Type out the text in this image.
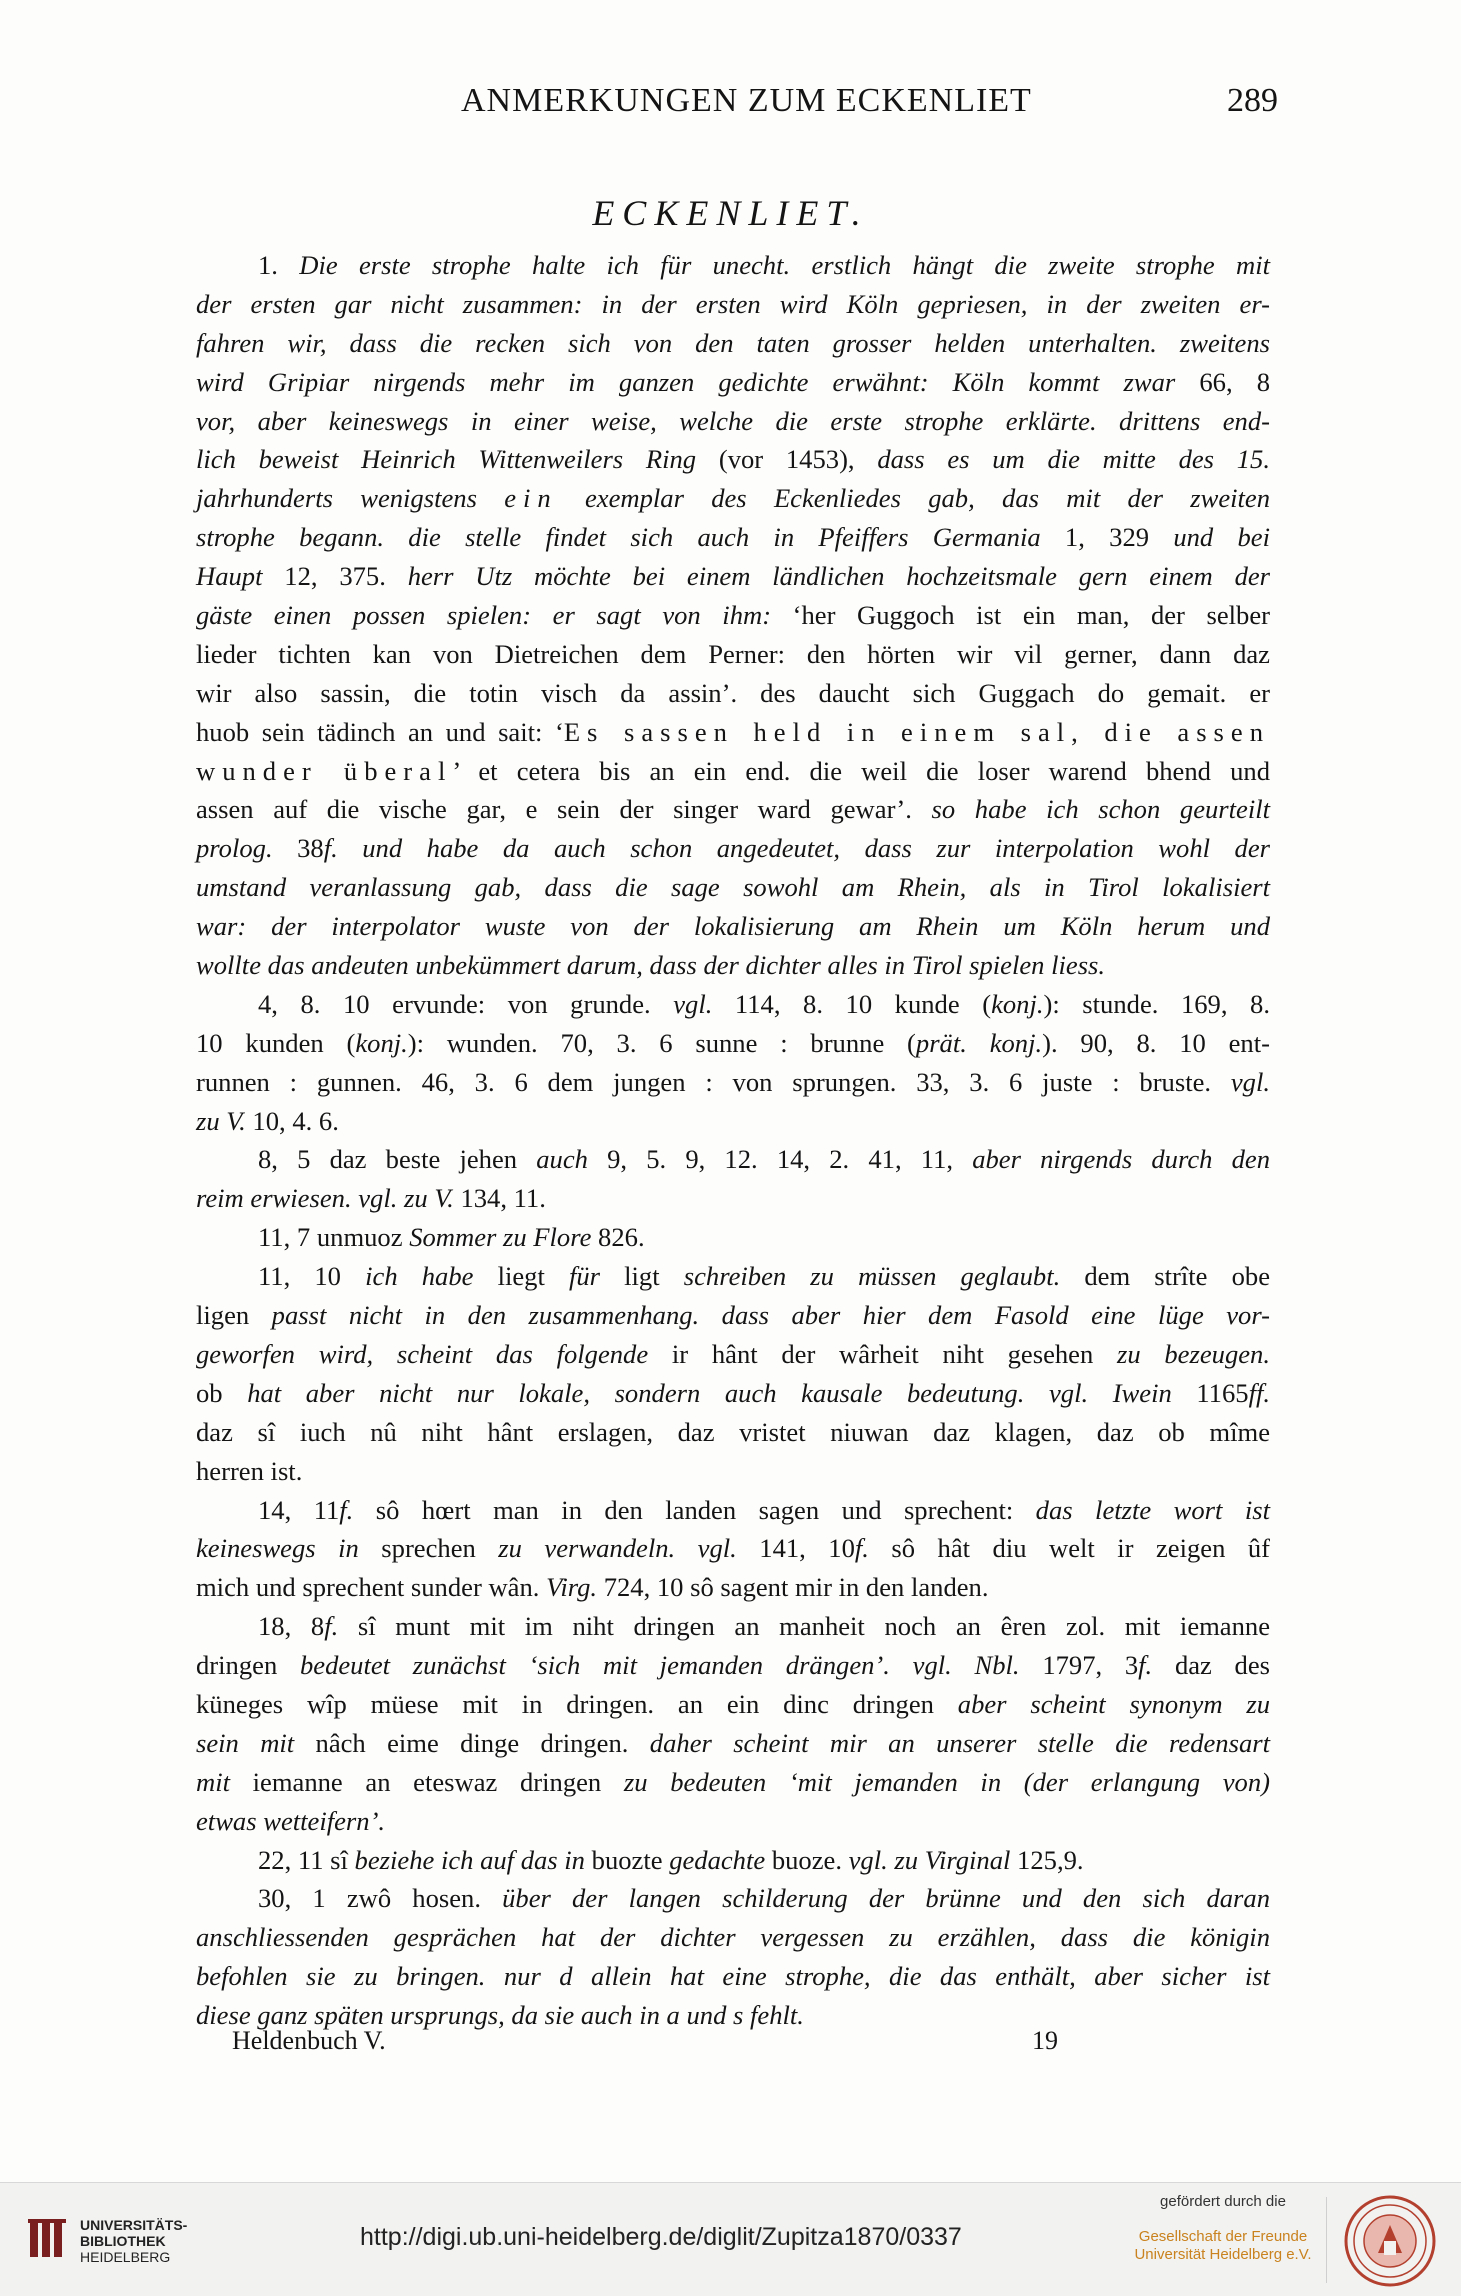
ANMERKUNGEN ZUM ECKENLIET	289
ECKENLIET.
1. Die erste strophe halte ich für unecht. erstlich hängt die zweite strophe mit
der ersten gar nicht zusammen: in der ersten wird Köln gepriesen, in der zweiten er-
fahren wir, dass die recken sich von den taten grosser helden unterhalten. zweitens
wird Gripiar nirgends mehr im ganzen gedichte erwähnt: Köln kommt zwar 66, 8
vor, aber keineswegs in einer weise, welche die erste strophe erklärte. drittens end-
lich beweist Heinrich Wittenweilers Ring (vor 1453), dass es um die mitte des 15.
jahrhunderts wenigstens ein exemplar des Eckenliedes gab, das mit der zweiten
strophe begann. die stelle findet sich auch in Pfeiffers Germania 1, 329 und bei
Haupt 12, 375. herr Utz möchte bei einem ländlichen hochzeitsmale gern einem der
gäste einen possen spielen: er sagt von ihm: ‘her Guggoch ist ein man, der selber
lieder tichten kan von Dietreichen dem Perner: den hörten wir vil gerner, dann daz
wir also sassin, die totin visch da assin’. des daucht sich Guggach do gemait. er
huob sein tädinch an und sait: ‘Es sassen held in einem sal, die assen
wunder überal’ et cetera bis an ein end. die weil die loser warend bhend und
assen auf die vische gar, e sein der singer ward gewar’. so habe ich schon geurteilt
prolog. 38f. und habe da auch schon angedeutet, dass zur interpolation wohl der
umstand veranlassung gab, dass die sage sowohl am Rhein, als in Tirol lokalisiert
war: der interpolator wuste von der lokalisierung am Rhein um Köln herum und
wollte das andeuten unbekümmert darum, dass der dichter alles in Tirol spielen liess.
4, 8. 10 ervunde: von grunde. vgl. 114, 8. 10 kunde (konj.): stunde. 169, 8.
10 kunden (konj.): wunden. 70, 3. 6 sunne : brunne (prät. konj.). 90, 8. 10 ent-
runnen : gunnen. 46, 3. 6 dem jungen : von sprungen. 33, 3. 6 juste : bruste. vgl.
zu V. 10, 4. 6.
8, 5 daz beste jehen auch 9, 5. 9, 12. 14, 2. 41, 11, aber nirgends durch den
reim erwiesen. vgl. zu V. 134, 11.
11, 7 unmuoz Sommer zu Flore 826.
11, 10 ich habe liegt für ligt schreiben zu müssen geglaubt. dem strîte obe
ligen passt nicht in den zusammenhang. dass aber hier dem Fasold eine lüge vor-
geworfen wird, scheint das folgende ir hânt der wârheit niht gesehen zu bezeugen.
ob hat aber nicht nur lokale, sondern auch kausale bedeutung. vgl. Iwein 1165ff.
daz sî iuch nû niht hânt erslagen, daz vristet niuwan daz klagen, daz ob mîme
herren ist.
14, 11f. sô hœrt man in den landen sagen und sprechent: das letzte wort ist
keineswegs in sprechen zu verwandeln. vgl. 141, 10f. sô hât diu welt ir zeigen ûf
mich und sprechent sunder wân. Virg. 724, 10 sô sagent mir in den landen.
18, 8f. sî munt mit im niht dringen an manheit noch an êren zol. mit iemanne
dringen bedeutet zunächst ‘sich mit jemanden drängen’. vgl. Nbl. 1797, 3f. daz des
küneges wîp müese mit in dringen. an ein dinc dringen aber scheint synonym zu
sein mit nâch eime dinge dringen. daher scheint mir an unserer stelle die redensart
mit iemanne an eteswaz dringen zu bedeuten ‘mit jemanden in (der erlangung von)
etwas wetteifern’.
22, 11 sî beziehe ich auf das in buozte gedachte buoze. vgl. zu Virginal 125,9.
30, 1 zwô hosen. über der langen schilderung der brünne und den sich daran
anschliessenden gesprächen hat der dichter vergessen zu erzählen, dass die königin
befohlen sie zu bringen. nur d allein hat eine strophe, die das enthält, aber sicher ist
diese ganz späten ursprungs, da sie auch in a und s fehlt.
Heldenbuch V.	19
UNIVERSITÄTS-
BIBLIOTHEK
HEIDELBERG
http://digi.ub.uni-heidelberg.de/diglit/Zupitza1870/0337
gefördert durch die
Gesellschaft der Freunde
Universität Heidelberg e.V.
